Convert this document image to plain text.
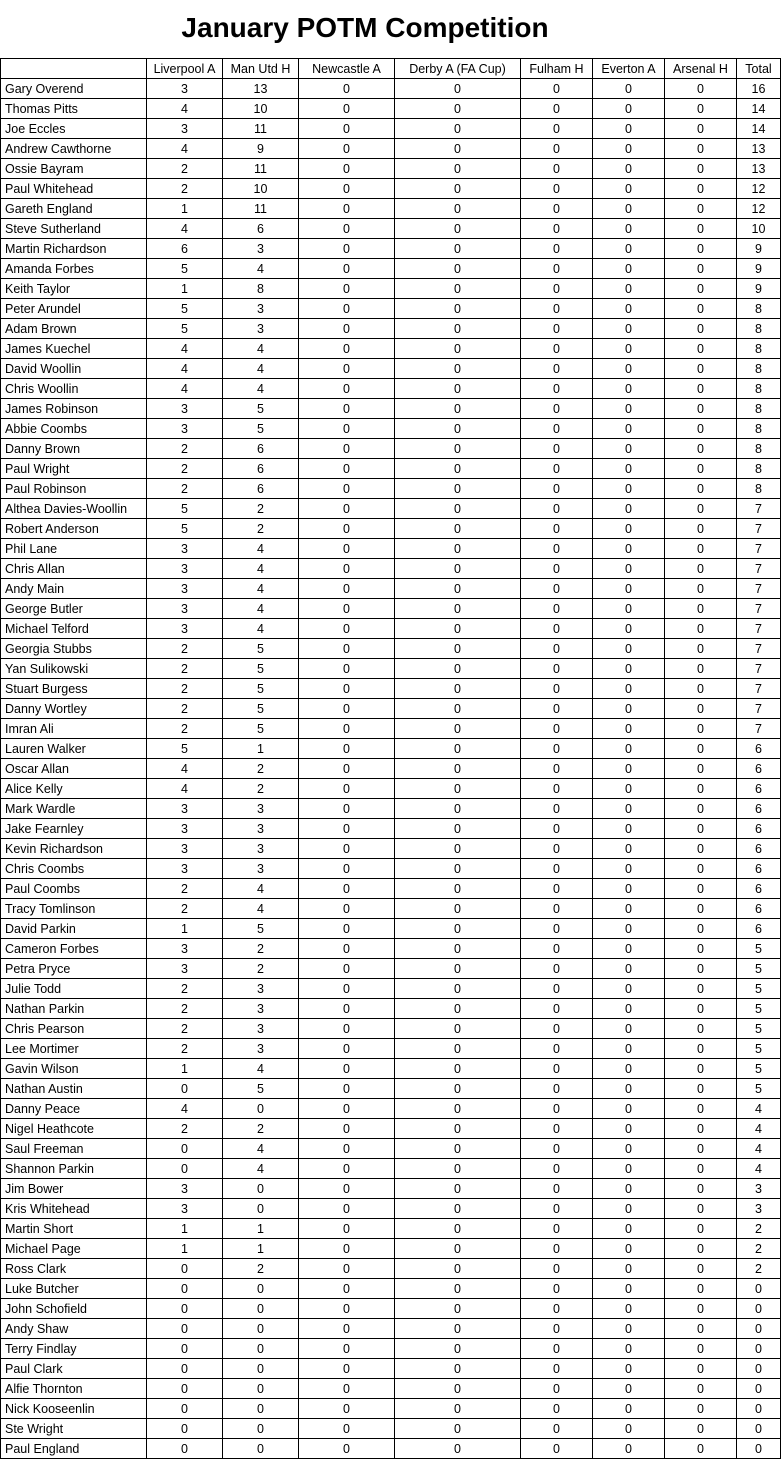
January POTM Competition
	Liverpool A	Man Utd H	Newcastle A	Derby A (FA Cup)	Fulham H	Everton A	Arsenal H	Total
Gary Overend	3	13	0	0	0	0	0	16
Thomas Pitts	4	10	0	0	0	0	0	14
Joe Eccles	3	11	0	0	0	0	0	14
Andrew Cawthorne	4	9	0	0	0	0	0	13
Ossie Bayram	2	11	0	0	0	0	0	13
Paul Whitehead	2	10	0	0	0	0	0	12
Gareth England	1	11	0	0	0	0	0	12
Steve Sutherland	4	6	0	0	0	0	0	10
Martin Richardson	6	3	0	0	0	0	0	9
Amanda Forbes	5	4	0	0	0	0	0	9
Keith Taylor	1	8	0	0	0	0	0	9
Peter Arundel	5	3	0	0	0	0	0	8
Adam Brown	5	3	0	0	0	0	0	8
James Kuechel	4	4	0	0	0	0	0	8
David Woollin	4	4	0	0	0	0	0	8
Chris Woollin	4	4	0	0	0	0	0	8
James Robinson	3	5	0	0	0	0	0	8
Abbie Coombs	3	5	0	0	0	0	0	8
Danny Brown	2	6	0	0	0	0	0	8
Paul Wright	2	6	0	0	0	0	0	8
Paul Robinson	2	6	0	0	0	0	0	8
Althea Davies-Woollin	5	2	0	0	0	0	0	7
Robert Anderson	5	2	0	0	0	0	0	7
Phil Lane	3	4	0	0	0	0	0	7
Chris Allan	3	4	0	0	0	0	0	7
Andy Main	3	4	0	0	0	0	0	7
George Butler	3	4	0	0	0	0	0	7
Michael Telford	3	4	0	0	0	0	0	7
Georgia Stubbs	2	5	0	0	0	0	0	7
Yan Sulikowski	2	5	0	0	0	0	0	7
Stuart Burgess	2	5	0	0	0	0	0	7
Danny Wortley	2	5	0	0	0	0	0	7
Imran Ali	2	5	0	0	0	0	0	7
Lauren Walker	5	1	0	0	0	0	0	6
Oscar Allan	4	2	0	0	0	0	0	6
Alice Kelly	4	2	0	0	0	0	0	6
Mark Wardle	3	3	0	0	0	0	0	6
Jake Fearnley	3	3	0	0	0	0	0	6
Kevin Richardson	3	3	0	0	0	0	0	6
Chris Coombs	3	3	0	0	0	0	0	6
Paul Coombs	2	4	0	0	0	0	0	6
Tracy Tomlinson	2	4	0	0	0	0	0	6
David Parkin	1	5	0	0	0	0	0	6
Cameron Forbes	3	2	0	0	0	0	0	5
Petra Pryce	3	2	0	0	0	0	0	5
Julie Todd	2	3	0	0	0	0	0	5
Nathan Parkin	2	3	0	0	0	0	0	5
Chris Pearson	2	3	0	0	0	0	0	5
Lee Mortimer	2	3	0	0	0	0	0	5
Gavin Wilson	1	4	0	0	0	0	0	5
Nathan Austin	0	5	0	0	0	0	0	5
Danny Peace	4	0	0	0	0	0	0	4
Nigel Heathcote	2	2	0	0	0	0	0	4
Saul Freeman	0	4	0	0	0	0	0	4
Shannon Parkin	0	4	0	0	0	0	0	4
Jim Bower	3	0	0	0	0	0	0	3
Kris Whitehead	3	0	0	0	0	0	0	3
Martin Short	1	1	0	0	0	0	0	2
Michael Page	1	1	0	0	0	0	0	2
Ross Clark	0	2	0	0	0	0	0	2
Luke Butcher	0	0	0	0	0	0	0	0
John Schofield	0	0	0	0	0	0	0	0
Andy Shaw	0	0	0	0	0	0	0	0
Terry Findlay	0	0	0	0	0	0	0	0
Paul Clark	0	0	0	0	0	0	0	0
Alfie Thornton	0	0	0	0	0	0	0	0
Nick Kooseenlin	0	0	0	0	0	0	0	0
Ste Wright	0	0	0	0	0	0	0	0
Paul England	0	0	0	0	0	0	0	0
